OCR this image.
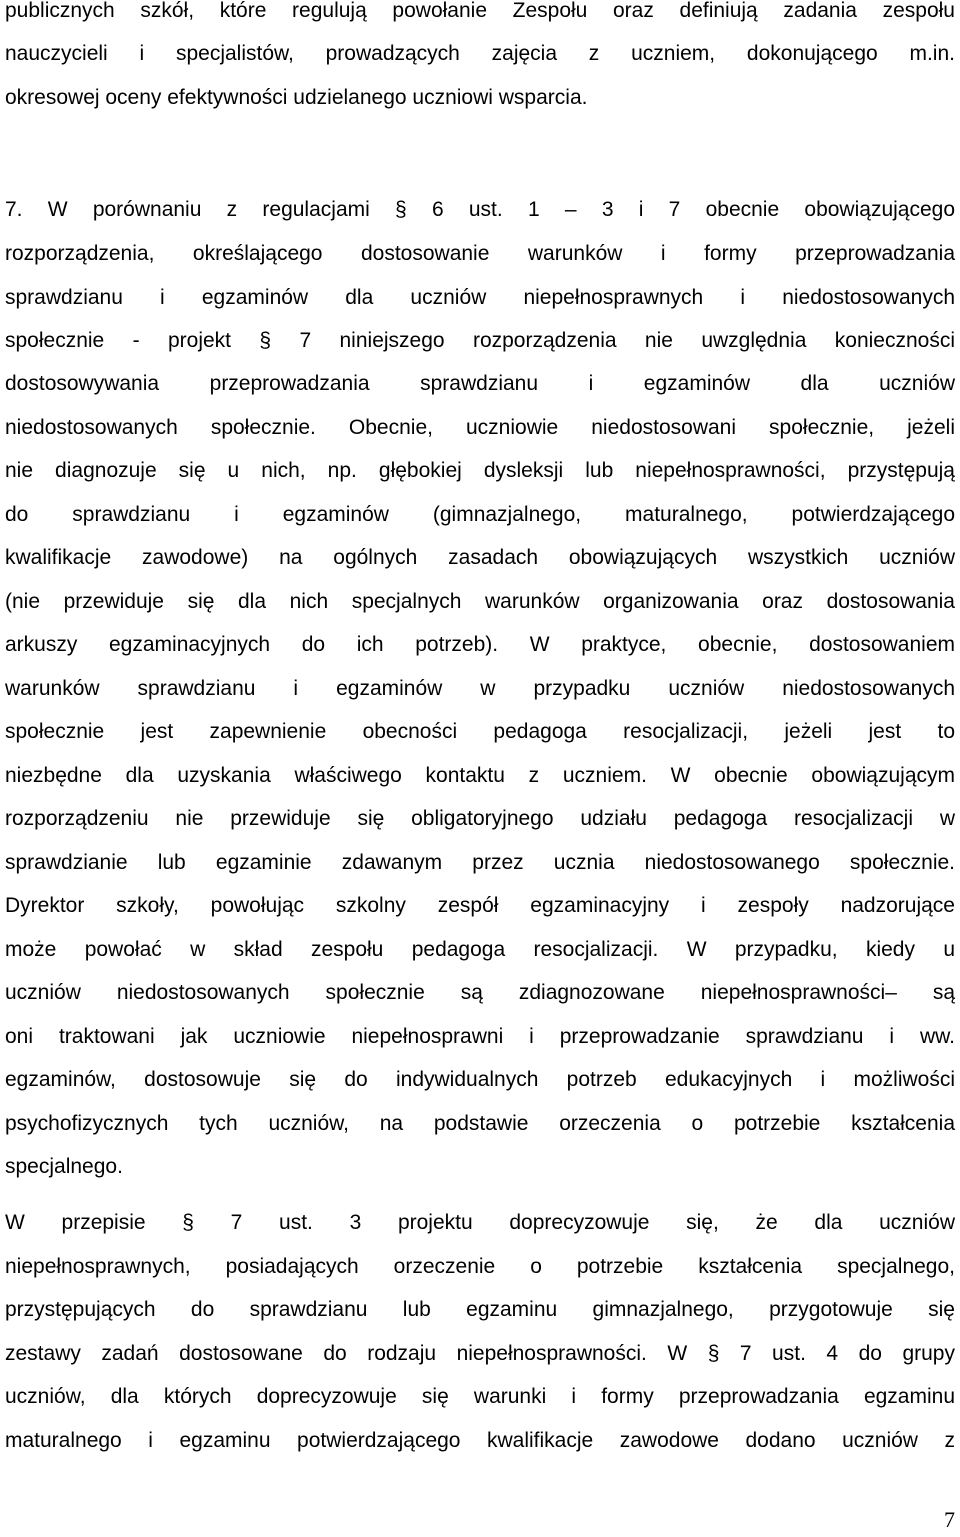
publicznych szkół, które regulują powołanie Zespołu oraz definiują zadania zespołu
nauczycieli i specjalistów, prowadzących zajęcia z uczniem, dokonującego m.in.
okresowej oceny efektywności udzielanego uczniowi wsparcia.
7. W porównaniu z regulacjami § 6 ust. 1 – 3 i 7 obecnie obowiązującego
rozporządzenia, określającego dostosowanie warunków i formy przeprowadzania
sprawdzianu i egzaminów dla uczniów niepełnosprawnych i niedostosowanych
społecznie - projekt § 7 niniejszego rozporządzenia nie uwzględnia konieczności
dostosowywania przeprowadzania sprawdzianu i egzaminów dla uczniów
niedostosowanych społecznie. Obecnie, uczniowie niedostosowani społecznie, jeżeli
nie diagnozuje się u nich, np. głębokiej dysleksji lub niepełnosprawności, przystępują
do sprawdzianu i egzaminów (gimnazjalnego, maturalnego, potwierdzającego
kwalifikacje zawodowe) na ogólnych zasadach obowiązujących wszystkich uczniów
(nie przewiduje się dla nich specjalnych warunków organizowania oraz dostosowania
arkuszy egzaminacyjnych do ich potrzeb). W praktyce, obecnie, dostosowaniem
warunków sprawdzianu i egzaminów w przypadku uczniów niedostosowanych
społecznie jest zapewnienie obecności pedagoga resocjalizacji, jeżeli jest to
niezbędne dla uzyskania właściwego kontaktu z uczniem. W obecnie obowiązującym
rozporządzeniu nie przewiduje się obligatoryjnego udziału pedagoga resocjalizacji w
sprawdzianie lub egzaminie zdawanym przez ucznia niedostosowanego społecznie.
Dyrektor szkoły, powołując szkolny zespół egzaminacyjny i zespoły nadzorujące
może powołać w skład zespołu pedagoga resocjalizacji. W przypadku, kiedy u
uczniów niedostosowanych społecznie są zdiagnozowane niepełnosprawności– są
oni traktowani jak uczniowie niepełnosprawni i przeprowadzanie sprawdzianu i ww.
egzaminów, dostosowuje się do indywidualnych potrzeb edukacyjnych i możliwości
psychofizycznych tych uczniów, na podstawie orzeczenia o potrzebie kształcenia
specjalnego.
W przepisie § 7 ust. 3 projektu doprecyzowuje się, że dla uczniów
niepełnosprawnych, posiadających orzeczenie o potrzebie kształcenia specjalnego,
przystępujących do sprawdzianu lub egzaminu gimnazjalnego, przygotowuje się
zestawy zadań dostosowane do rodzaju niepełnosprawności. W § 7 ust. 4 do grupy
uczniów, dla których doprecyzowuje się warunki i formy przeprowadzania egzaminu
maturalnego i egzaminu potwierdzającego kwalifikacje zawodowe dodano uczniów z
7
